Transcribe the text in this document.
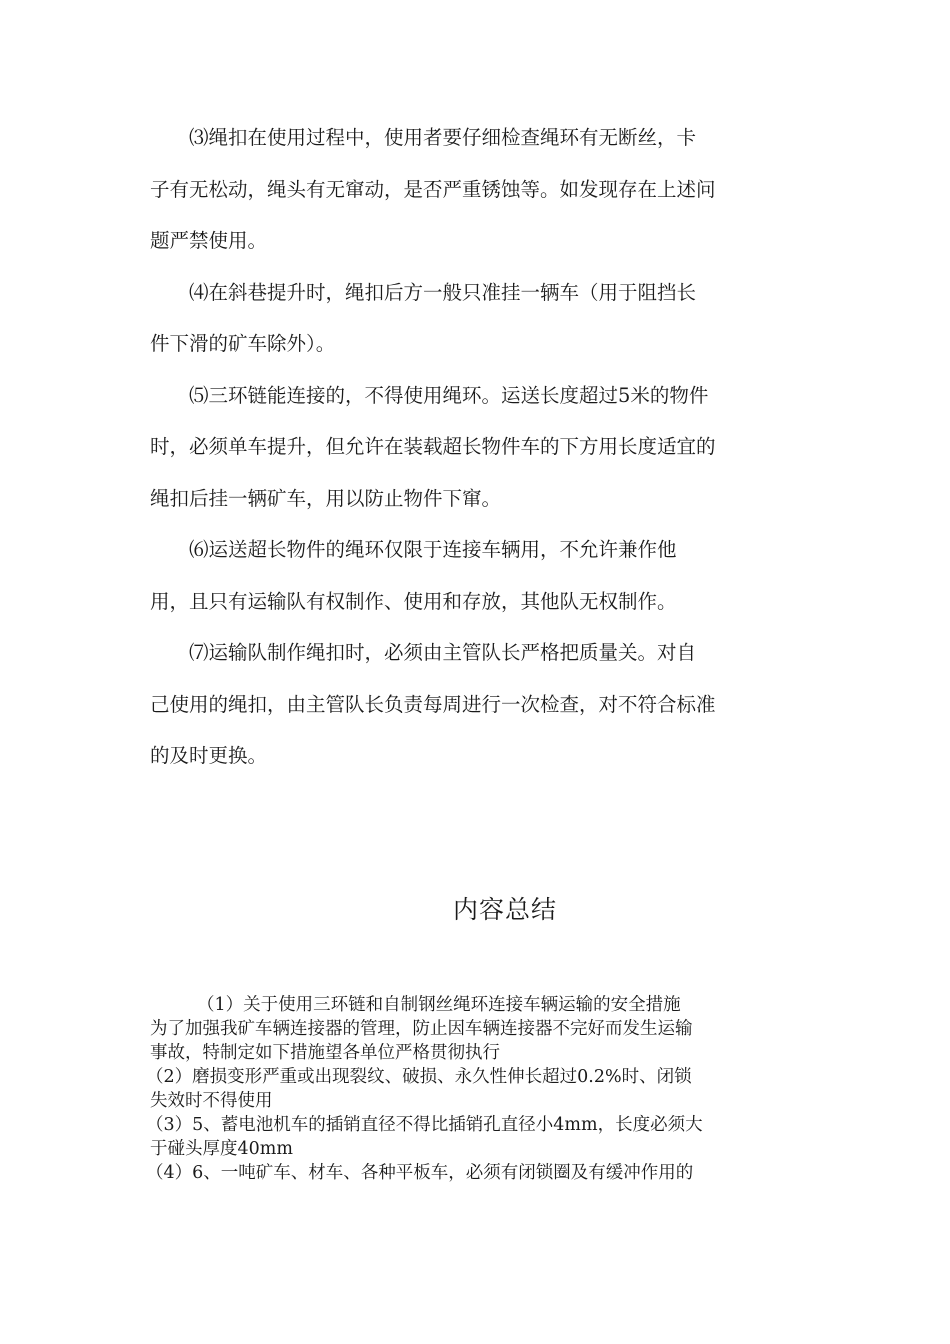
⑶绳扣在使用过程中，使用者要仔细检查绳环有无断丝，卡
子有无松动，绳头有无窜动，是否严重锈蚀等。如发现存在上述问
题严禁使用。

⑷在斜巷提升时，绳扣后方一般只准挂一辆车（用于阻挡长
件下滑的矿车除外）。

⑸三环链能连接的，不得使用绳环。运送长度超过5米的物件
时，必须单车提升，但允许在装载超长物件车的下方用长度适宜的
绳扣后挂一辆矿车，用以防止物件下窜。

⑹运送超长物件的绳环仅限于连接车辆用，不允许兼作他
用，且只有运输队有权制作、使用和存放，其他队无权制作。

⑺运输队制作绳扣时，必须由主管队长严格把质量关。对自
己使用的绳扣，由主管队长负责每周进行一次检查，对不符合标准
的及时更换。

内容总结
（1）关于使用三环链和自制钢丝绳环连接车辆运输的安全措施
为了加强我矿车辆连接器的管理，防止因车辆连接器不完好而发生运输
事故，特制定如下措施望各单位严格贯彻执行
（2）磨损变形严重或出现裂纹、破损、永久性伸长超过0.2%时、闭锁
失效时不得使用
（3）5、蓄电池机车的插销直径不得比插销孔直径小4mm，长度必须大
于碰头厚度40mm
（4）6、一吨矿车、材车、各种平板车，必须有闭锁圈及有缓冲作用的
